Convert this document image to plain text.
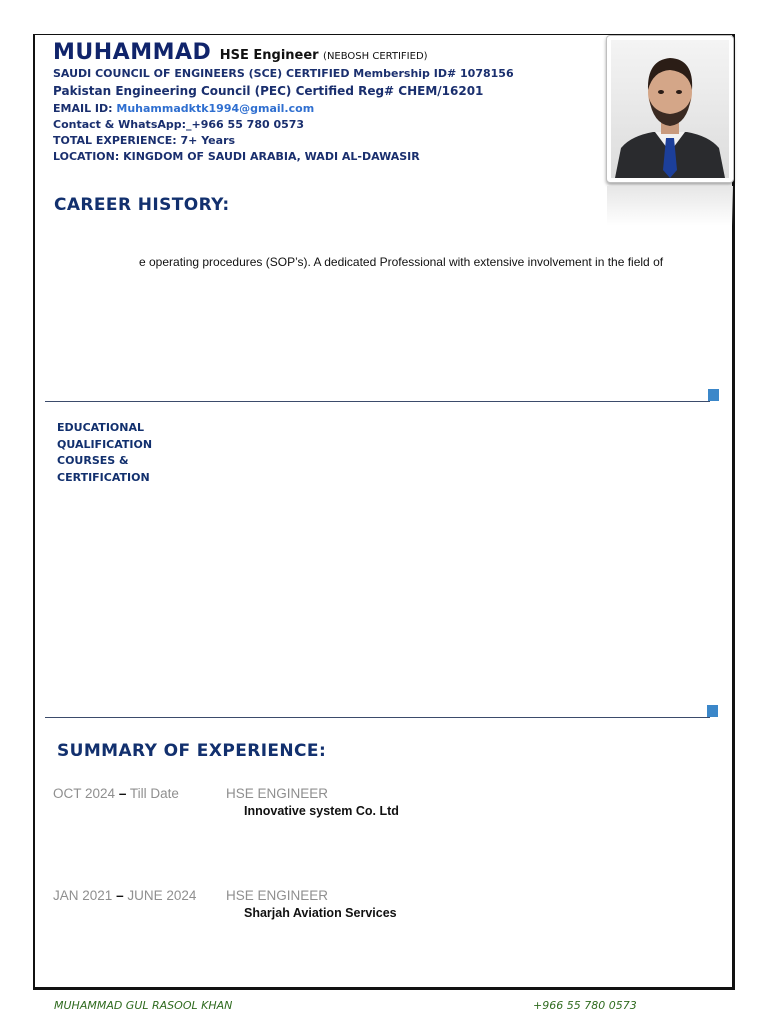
MUHAMMAD HSE Engineer (NEBOSH CERTIFIED)
SAUDI COUNCIL OF ENGINEERS (SCE) CERTIFIED Membership ID# 1078156
Pakistan Engineering Council (PEC) Certified Reg# CHEM/16201
EMAIL ID: Muhammadktk1994@gmail.com
Contact & WhatsApp:_+966 55 780 0573
TOTAL EXPERIENCE: 7+ Years
LOCATION: KINGDOM OF SAUDI ARABIA, WADI AL-DAWASIR
CAREER HISTORY:
e operating procedures (SOP’s). A dedicated Professional with extensive involvement in the field of
EDUCATIONAL
QUALIFICATION
COURSES &
CERTIFICATION
SUMMARY OF EXPERIENCE:
OCT 2024 – Till Date	HSE ENGINEER
Innovative system Co. Ltd
JAN 2021 – JUNE 2024 HSE ENGINEER
Sharjah Aviation Services
MUHAMMAD GUL RASOOL KHAN	+966 55 780 0573
